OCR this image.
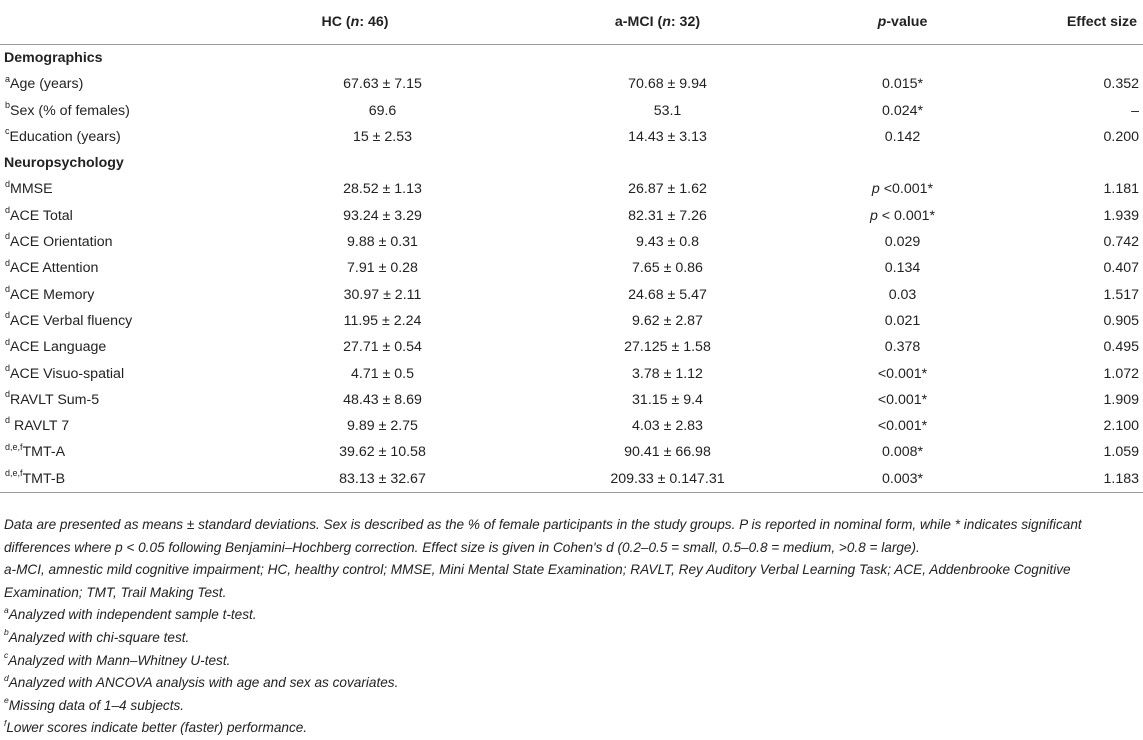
	HC (n: 46)	a-MCI (n: 32)	p-value	Effect size
Demographics				
$^a$Age (years)	67.63 ± 7.15	70.68 ± 9.94	0.015*	0.352
$^b$Sex (% of females)	69.6	53.1	0.024*	–
$^c$Education (years)	15 ± 2.53	14.43 ± 3.13	0.142	0.200
Neuropsychology				
$^d$MMSE	28.52 ± 1.13	26.87 ± 1.62	p <0.001*	1.181
$^d$ACE Total	93.24 ± 3.29	82.31 ± 7.26	p < 0.001*	1.939
$^d$ACE Orientation	9.88 ± 0.31	9.43 ± 0.8	0.029	0.742
$^d$ACE Attention	7.91 ± 0.28	7.65 ± 0.86	0.134	0.407
$^d$ACE Memory	30.97 ± 2.11	24.68 ± 5.47	0.03	1.517
$^d$ACE Verbal fluency	11.95 ± 2.24	9.62 ± 2.87	0.021	0.905
$^d$ACE Language	27.71 ± 0.54	27.125 ± 1.58	0.378	0.495
$^d$ACE Visuo-spatial	4.71 ± 0.5	3.78 ± 1.12	<0.001*	1.072
$^d$RAVLT Sum-5	48.43 ± 8.69	31.15 ± 9.4	<0.001*	1.909
$^d$ RAVLT 7	9.89 ± 2.75	4.03 ± 2.83	<0.001*	2.100
$^{d,e,f}$TMT-A	39.62 ± 10.58	90.41 ± 66.98	0.008*	1.059
$^{d,e,f}$TMT-B	83.13 ± 32.67	209.33 ± 0.147.31	0.003*	1.183

Data are presented as means ± standard deviations. Sex is described as the % of female participants in the study groups. P is reported in nominal form, while * indicates significant differences where p < 0.05 following Benjamini–Hochberg correction. Effect size is given in Cohen's d (0.2–0.5 = small, 0.5–0.8 = medium, >0.8 = large).

a-MCI, amnestic mild cognitive impairment; HC, healthy control; MMSE, Mini Mental State Examination; RAVLT, Rey Auditory Verbal Learning Task; ACE, Addenbrooke Cognitive Examination; TMT, Trail Making Test.

$^a$Analyzed with independent sample t-test.

$^b$Analyzed with chi-square test.

$^c$Analyzed with Mann–Whitney U-test.

$^d$Analyzed with ANCOVA analysis with age and sex as covariates.

$^e$Missing data of 1–4 subjects.

$^f$Lower scores indicate better (faster) performance.
